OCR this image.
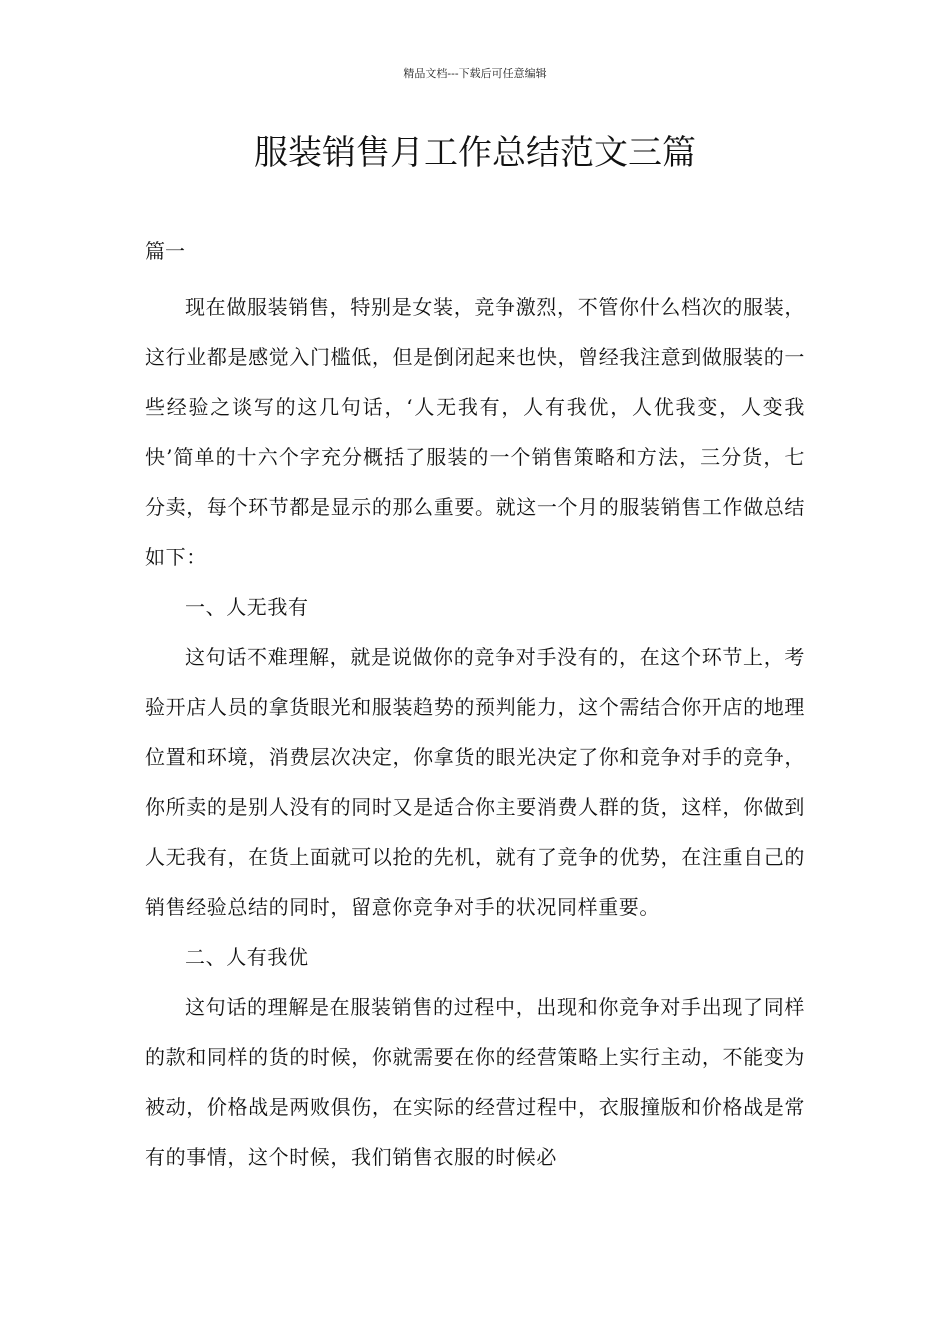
精品文档---下载后可任意编辑
服装销售月工作总结范文三篇
篇一

现在做服装销售，特别是女装，竞争激烈，不管你什么档次的服装，这行业都是感觉入门槛低，但是倒闭起来也快，曾经我注意到做服装的一些经验之谈写的这几句话，‘人无我有，人有我优，人优我变，人变我快’简单的十六个字充分概括了服装的一个销售策略和方法，三分货，七分卖，每个环节都是显示的那么重要。就这一个月的服装销售工作做总结如下：

一、人无我有

这句话不难理解，就是说做你的竞争对手没有的，在这个环节上，考验开店人员的拿货眼光和服装趋势的预判能力，这个需结合你开店的地理位置和环境，消费层次决定，你拿货的眼光决定了你和竞争对手的竞争，你所卖的是别人没有的同时又是适合你主要消费人群的货，这样，你做到人无我有，在货上面就可以抢的先机，就有了竞争的优势，在注重自己的销售经验总结的同时，留意你竞争对手的状况同样重要。

二、人有我优

这句话的理解是在服装销售的过程中，出现和你竞争对手出现了同样的款和同样的货的时候，你就需要在你的经营策略上实行主动，不能变为被动，价格战是两败俱伤，在实际的经营过程中，衣服撞版和价格战是常有的事情，这个时候，我们销售衣服的时候必
